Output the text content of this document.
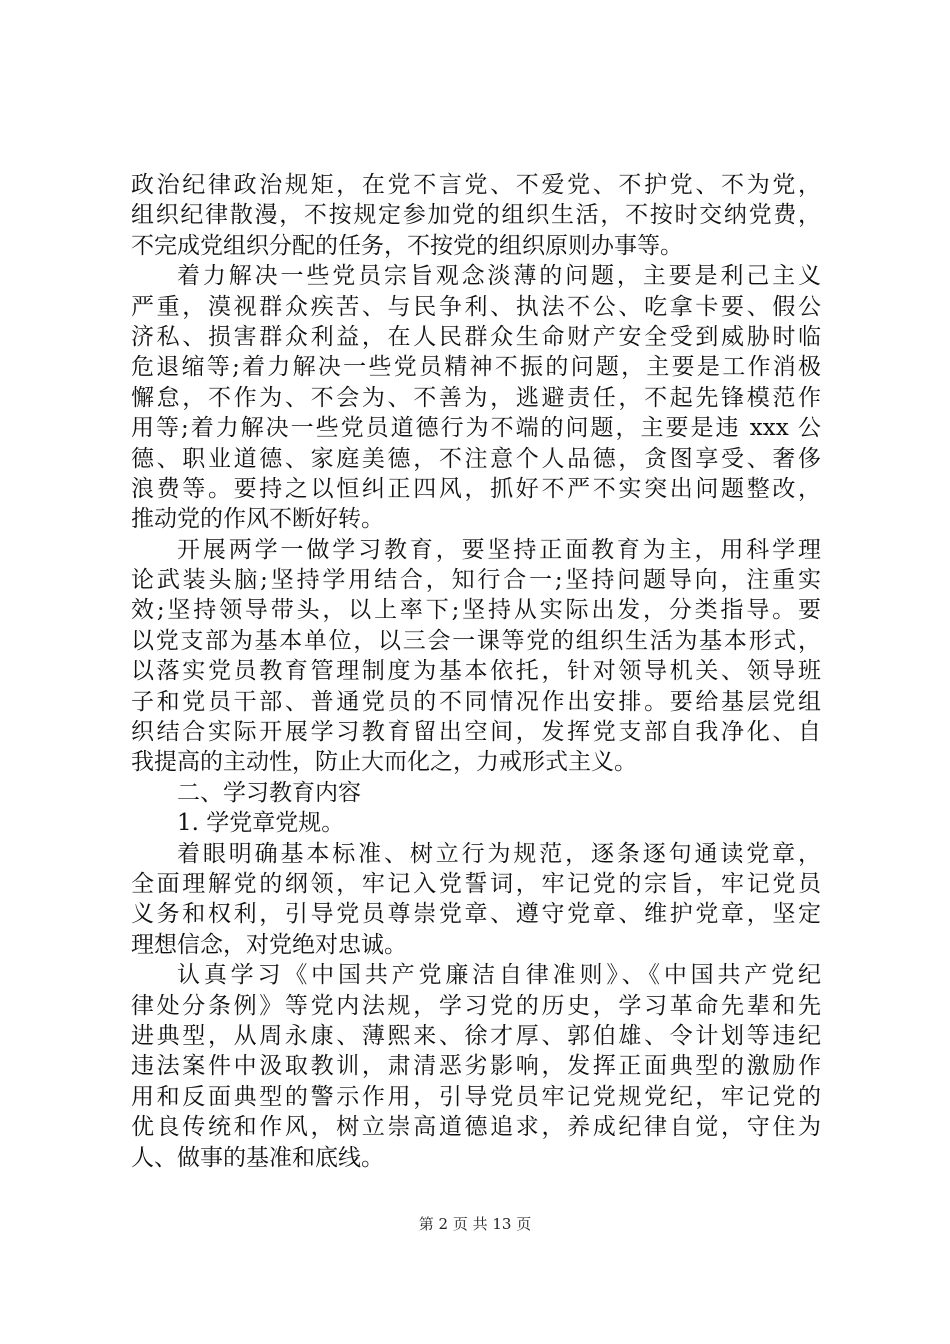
政治纪律政治规矩，在党不言党、不爱党、不护党、不为党，
组织纪律散漫，不按规定参加党的组织生活，不按时交纳党费，
不完成党组织分配的任务，不按党的组织原则办事等。
着力解决一些党员宗旨观念淡薄的问题，主要是利己主义
严重，漠视群众疾苦、与民争利、执法不公、吃拿卡要、假公
济私、损害群众利益，在人民群众生命财产安全受到威胁时临
危退缩等;着力解决一些党员精神不振的问题，主要是工作消极
懈怠，不作为、不会为、不善为，逃避责任，不起先锋模范作
用等;着力解决一些党员道德行为不端的问题，主要是违 xxx 公
德、职业道德、家庭美德，不注意个人品德，贪图享受、奢侈
浪费等。要持之以恒纠正四风，抓好不严不实突出问题整改，
推动党的作风不断好转。
开展两学一做学习教育，要坚持正面教育为主，用科学理
论武装头脑;坚持学用结合，知行合一;坚持问题导向，注重实
效;坚持领导带头，以上率下;坚持从实际出发，分类指导。要
以党支部为基本单位，以三会一课等党的组织生活为基本形式，
以落实党员教育管理制度为基本依托，针对领导机关、领导班
子和党员干部、普通党员的不同情况作出安排。要给基层党组
织结合实际开展学习教育留出空间，发挥党支部自我净化、自
我提高的主动性，防止大而化之，力戒形式主义。
二、学习教育内容
1. 学党章党规。
着眼明确基本标准、树立行为规范，逐条逐句通读党章，
全面理解党的纲领，牢记入党誓词，牢记党的宗旨，牢记党员
义务和权利，引导党员尊崇党章、遵守党章、维护党章，坚定
理想信念，对党绝对忠诚。
认真学习《中国共产党廉洁自律准则》、《中国共产党纪
律处分条例》等党内法规，学习党的历史，学习革命先辈和先
进典型，从周永康、薄熙来、徐才厚、郭伯雄、令计划等违纪
违法案件中汲取教训，肃清恶劣影响，发挥正面典型的激励作
用和反面典型的警示作用，引导党员牢记党规党纪，牢记党的
优良传统和作风，树立崇高道德追求，养成纪律自觉，守住为
人、做事的基准和底线。
第 2 页 共 13 页
